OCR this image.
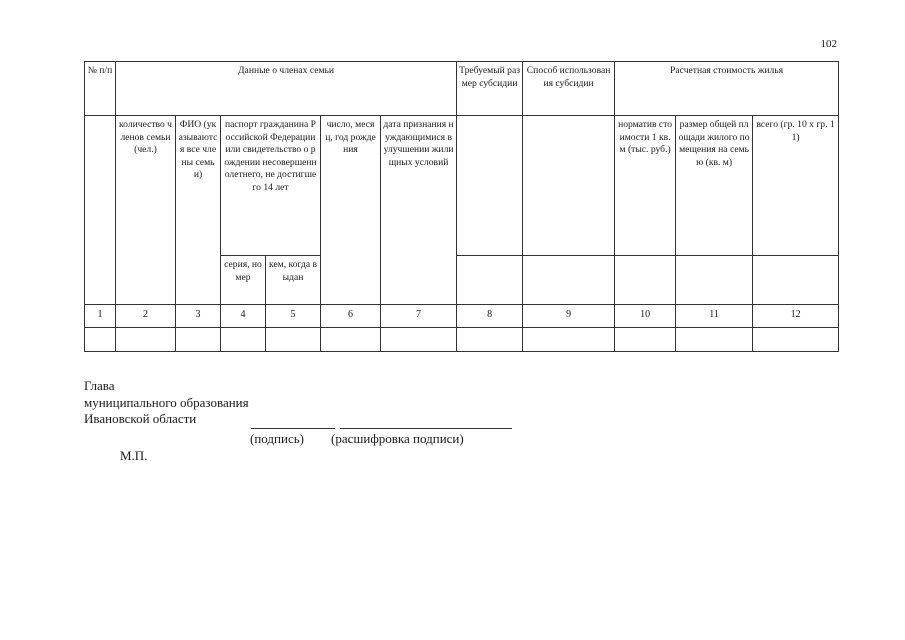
102
№ п/п	Данные о членах семьи						Требуемый размер субсидии	Способ использования субсидии	Расчетная стоимость жилья		
	количество членов семьи (чел.)	ФИО (указываются все члены семьи)	паспорт гражданина Российской Федерации или свидетельство о рождении несовершеннолетнего, не достигшего 14 лет		число, месяц, год рождения	дата признания нуждающимися в улучшении жилищных условий			норматив стоимости 1 кв. м (тыс. руб.)	размер общей площади жилого помещения на семью (кв. м)	всего (гр. 10 x гр. 11)
			серия, номер	кем, когда выдан							
1	2	3	4	5	6	7	8	9	10	11	12

Глава
муниципального образования
Ивановской области
(подпись) (расшифровка подписи)
М.П.
